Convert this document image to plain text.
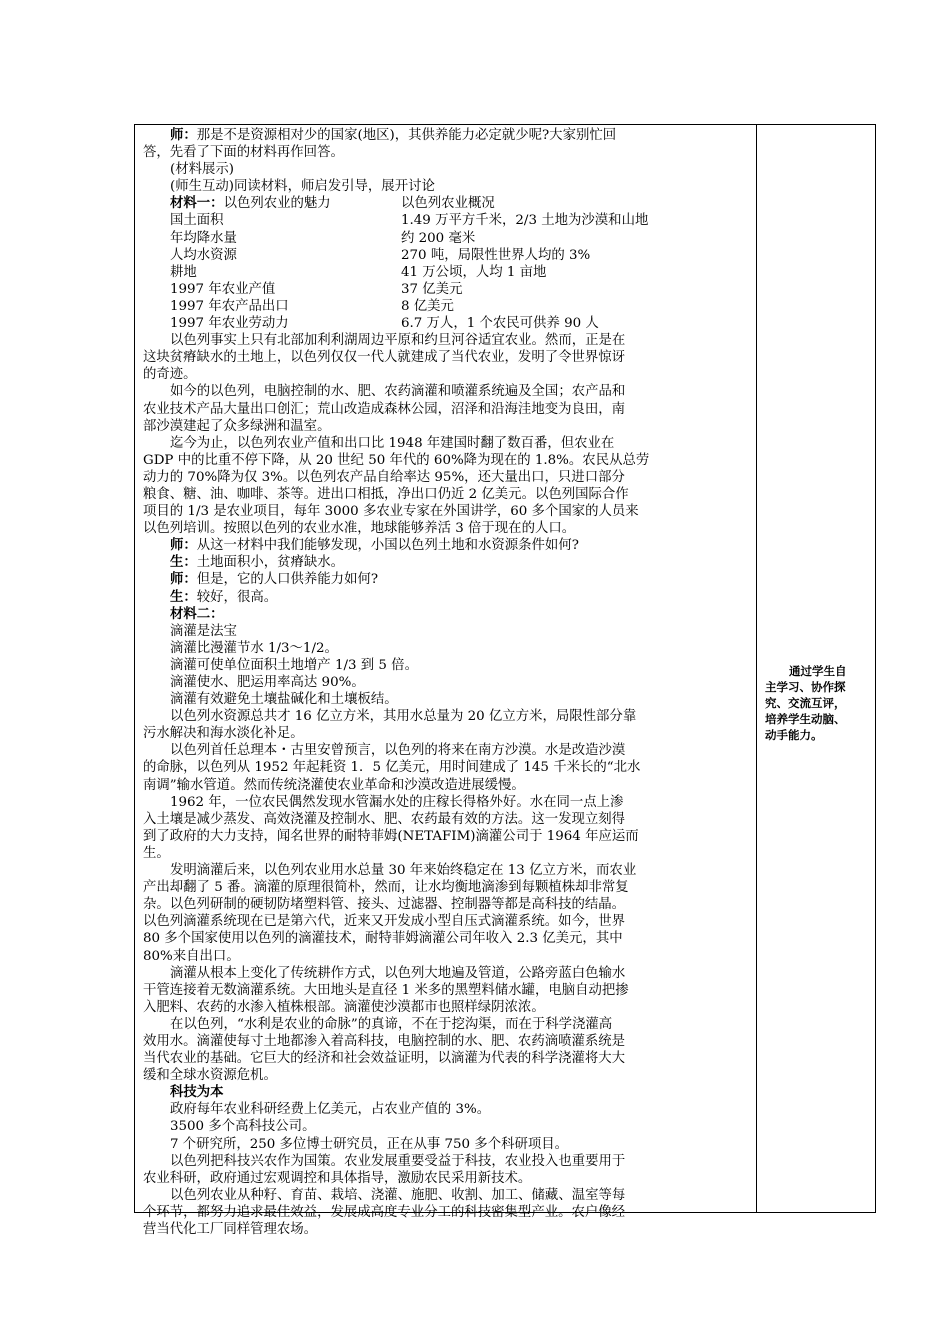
师：那是不是资源相对少的国家(地区)，其供养能力必定就少呢?大家别忙回
答，先看了下面的材料再作回答。
(材料展示)
(师生互动)同读材料，师启发引导，展开讨论
材料一：以色列农业的魅力	以色列农业概况
国土面积	1.49 万平方千米，2/3 土地为沙漠和山地
年均降水量	约 200 毫米
人均水资源	270 吨，局限性世界人均的 3%
耕地	41 万公顷，人均 1 亩地
1997 年农业产值	37 亿美元
1997 年农产品出口	8 亿美元
1997 年农业劳动力	6.7 万人，1 个农民可供养 90 人
以色列事实上只有北部加利利湖周边平原和约旦河谷适宜农业。然而，正是在
这块贫瘠缺水的土地上，以色列仅仅一代人就建成了当代农业，发明了令世界惊讶
的奇迹。
如今的以色列，电脑控制的水、肥、农药滴灌和喷灌系统遍及全国；农产品和
农业技术产品大量出口创汇；荒山改造成森林公园，沼泽和沿海洼地变为良田，南
部沙漠建起了众多绿洲和温室。
迄今为止，以色列农业产值和出口比 1948 年建国时翻了数百番，但农业在
GDP 中的比重不停下降，从 20 世纪 50 年代的 60%降为现在的 1.8%。农民从总劳
动力的 70%降为仅 3%。以色列农产品自给率达 95%，还大量出口，只进口部分
粮食、糖、油、咖啡、茶等。进出口相抵，净出口仍近 2 亿美元。以色列国际合作
项目的 1/3 是农业项目，每年 3000 多农业专家在外国讲学，60 多个国家的人员来
以色列培训。按照以色列的农业水准，地球能够养活 3 倍于现在的人口。
师：从这一材料中我们能够发现，小国以色列土地和水资源条件如何?
生：土地面积小，贫瘠缺水。
师：但是，它的人口供养能力如何?
生：较好，很高。
材料二：
滴灌是法宝
滴灌比漫灌节水 1/3～1/2。
滴灌可使单位面积土地增产 1/3 到 5 倍。
滴灌使水、肥运用率高达 90%。
滴灌有效避免土壤盐碱化和土壤板结。
以色列水资源总共才 16 亿立方米，其用水总量为 20 亿立方米，局限性部分靠
污水解决和海水淡化补足。
以色列首任总理本・古里安曾预言，以色列的将来在南方沙漠。水是改造沙漠
的命脉，以色列从 1952 年起耗资 1．5 亿美元，用时间建成了 145 千米长的“北水
南调”输水管道。然而传统浇灌使农业革命和沙漠改造进展缓慢。
1962 年，一位农民偶然发现水管漏水处的庄稼长得格外好。水在同一点上渗
入土壤是减少蒸发、高效浇灌及控制水、肥、农药最有效的方法。这一发现立刻得
到了政府的大力支持，闻名世界的耐特菲姆(NETAFIM)滴灌公司于 1964 年应运而
生。
发明滴灌后来，以色列农业用水总量 30 年来始终稳定在 13 亿立方米，而农业
产出却翻了 5 番。滴灌的原理很简朴，然而，让水均衡地滴渗到每颗植株却非常复
杂。以色列研制的硬韧防堵塑料管、接头、过滤器、控制器等都是高科技的结晶。
以色列滴灌系统现在已是第六代，近来又开发成小型自压式滴灌系统。如今，世界
80 多个国家使用以色列的滴灌技术，耐特菲姆滴灌公司年收入 2.3 亿美元，其中
80%来自出口。
滴灌从根本上变化了传统耕作方式，以色列大地遍及管道，公路旁蓝白色输水
干管连接着无数滴灌系统。大田地头是直径 1 米多的黑塑料储水罐，电脑自动把掺
入肥料、农药的水渗入植株根部。滴灌使沙漠都市也照样绿阴浓浓。
在以色列，“水利是农业的命脉”的真谛，不在于挖沟渠，而在于科学浇灌高
效用水。滴灌使每寸土地都渗入着高科技，电脑控制的水、肥、农药滴喷灌系统是
当代农业的基础。它巨大的经济和社会效益证明，以滴灌为代表的科学浇灌将大大
缓和全球水资源危机。
科技为本
政府每年农业科研经费上亿美元，占农业产值的 3%。
3500 多个高科技公司。
7 个研究所，250 多位博士研究员，正在从事 750 多个科研项目。
以色列把科技兴农作为国策。农业发展重要受益于科技，农业投入也重要用于
农业科研，政府通过宏观调控和具体指导，激励农民采用新技术。
以色列农业从种籽、育苗、栽培、浇灌、施肥、收割、加工、储藏、温室等每
个环节，都努力追求最佳效益，发展成高度专业分工的科技密集型产业。农户像经
营当代化工厂同样管理农场。
通过学生自
主学习、协作探
究、交流互评，
培养学生动脑、
动手能力。
